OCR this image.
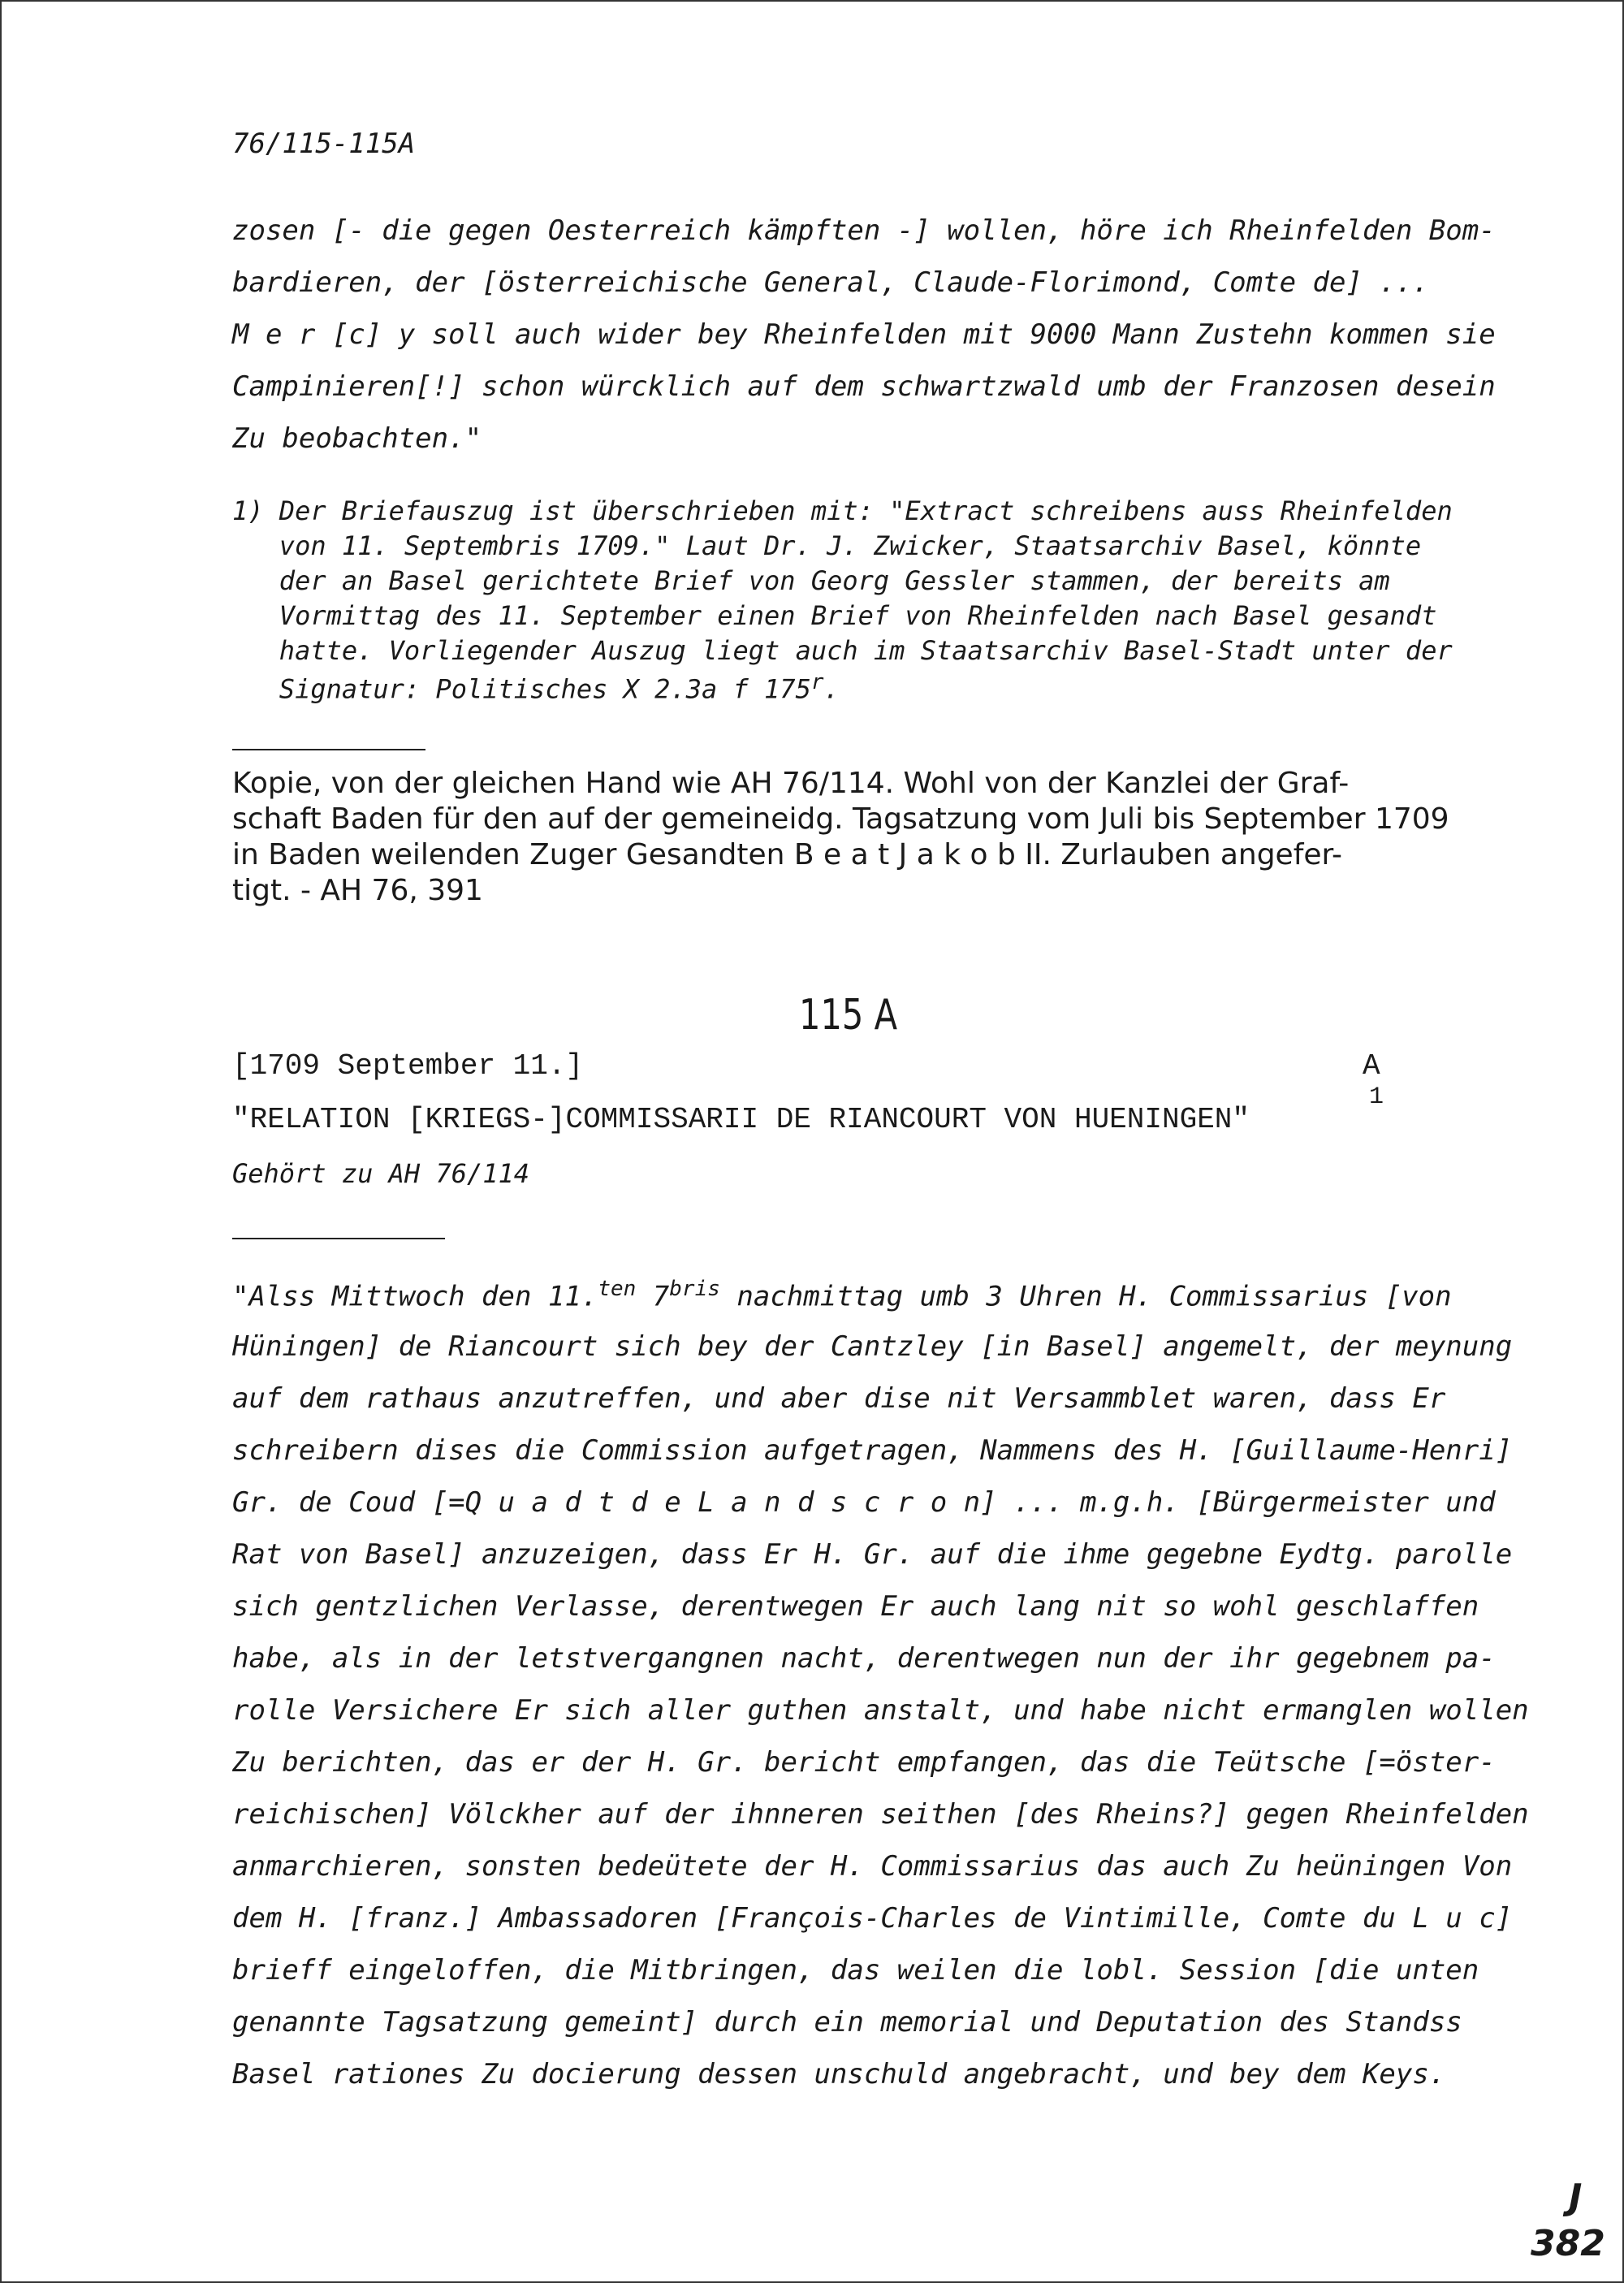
76/115-115A
zosen [- die gegen Oesterreich kämpften -] wollen, höre ich Rheinfelden Bom-
bardieren, der [österreichische General, Claude-Florimond, Comte de] ...
M e r [c] y soll auch wider bey Rheinfelden mit 9000 Mann Zustehn kommen sie
Campinieren[!] schon würcklich auf dem schwartzwald umb der Franzosen desein
Zu beobachten."
1) Der Briefauszug ist überschrieben mit: "Extract schreibens auss Rheinfelden
von 11. Septembris 1709." Laut Dr. J. Zwicker, Staatsarchiv Basel, könnte
der an Basel gerichtete Brief von Georg Gessler stammen, der bereits am
Vormittag des 11. September einen Brief von Rheinfelden nach Basel gesandt
hatte. Vorliegender Auszug liegt auch im Staatsarchiv Basel-Stadt unter der
Signatur: Politisches X 2.3a f 175$^r$.
Kopie, von der gleichen Hand wie AH 76/114. Wohl von der Kanzlei der Graf-
schaft Baden für den auf der gemeineidg. Tagsatzung vom Juli bis September 1709
in Baden weilenden Zuger Gesandten B e a t J a k o b II. Zurlauben angefer-
tigt. - AH 76, 391
115 A
[1709 September 11.]	A
"RELATION [KRIEGS-]COMMISSARII DE RIANCOURT VON HUENINGEN"
1
Gehört zu AH 76/114
"Alss Mittwoch den 11.$^{ten}$ $7^{bris}$ nachmittag umb 3 Uhren H. Commissarius [von
Hüningen] de Riancourt sich bey der Cantzley [in Basel] angemelt, der meynung
auf dem rathaus anzutreffen, und aber dise nit Versammblet waren, dass Er
schreibern dises die Commission aufgetragen, Nammens des H. [Guillaume-Henri]
Gr. de Coud [=Q u a d t d e L a n d s c r o n] ... m.g.h. [Bürgermeister und
Rat von Basel] anzuzeigen, dass Er H. Gr. auf die ihme gegebne Eydtg. parolle
sich gentzlichen Verlasse, derentwegen Er auch lang nit so wohl geschlaffen
habe, als in der letstvergangnen nacht, derentwegen nun der ihr gegebnem pa-
rolle Versichere Er sich aller guthen anstalt, und habe nicht ermanglen wollen
Zu berichten, das er der H. Gr. bericht empfangen, das die Teütsche [=öster-
reichischen] Völckher auf der ihnneren seithen [des Rheins?] gegen Rheinfelden
anmarchieren, sonsten bedeütete der H. Commissarius das auch Zu heüningen Von
dem H. [franz.] Ambassadoren [François-Charles de Vintimille, Comte du L u c]
brieff eingeloffen, die Mitbringen, das weilen die lobl. Session [die unten
genannte Tagsatzung gemeint] durch ein memorial und Deputation des Standss
Basel rationes Zu docierung dessen unschuld angebracht, und bey dem Keys.
J
382
